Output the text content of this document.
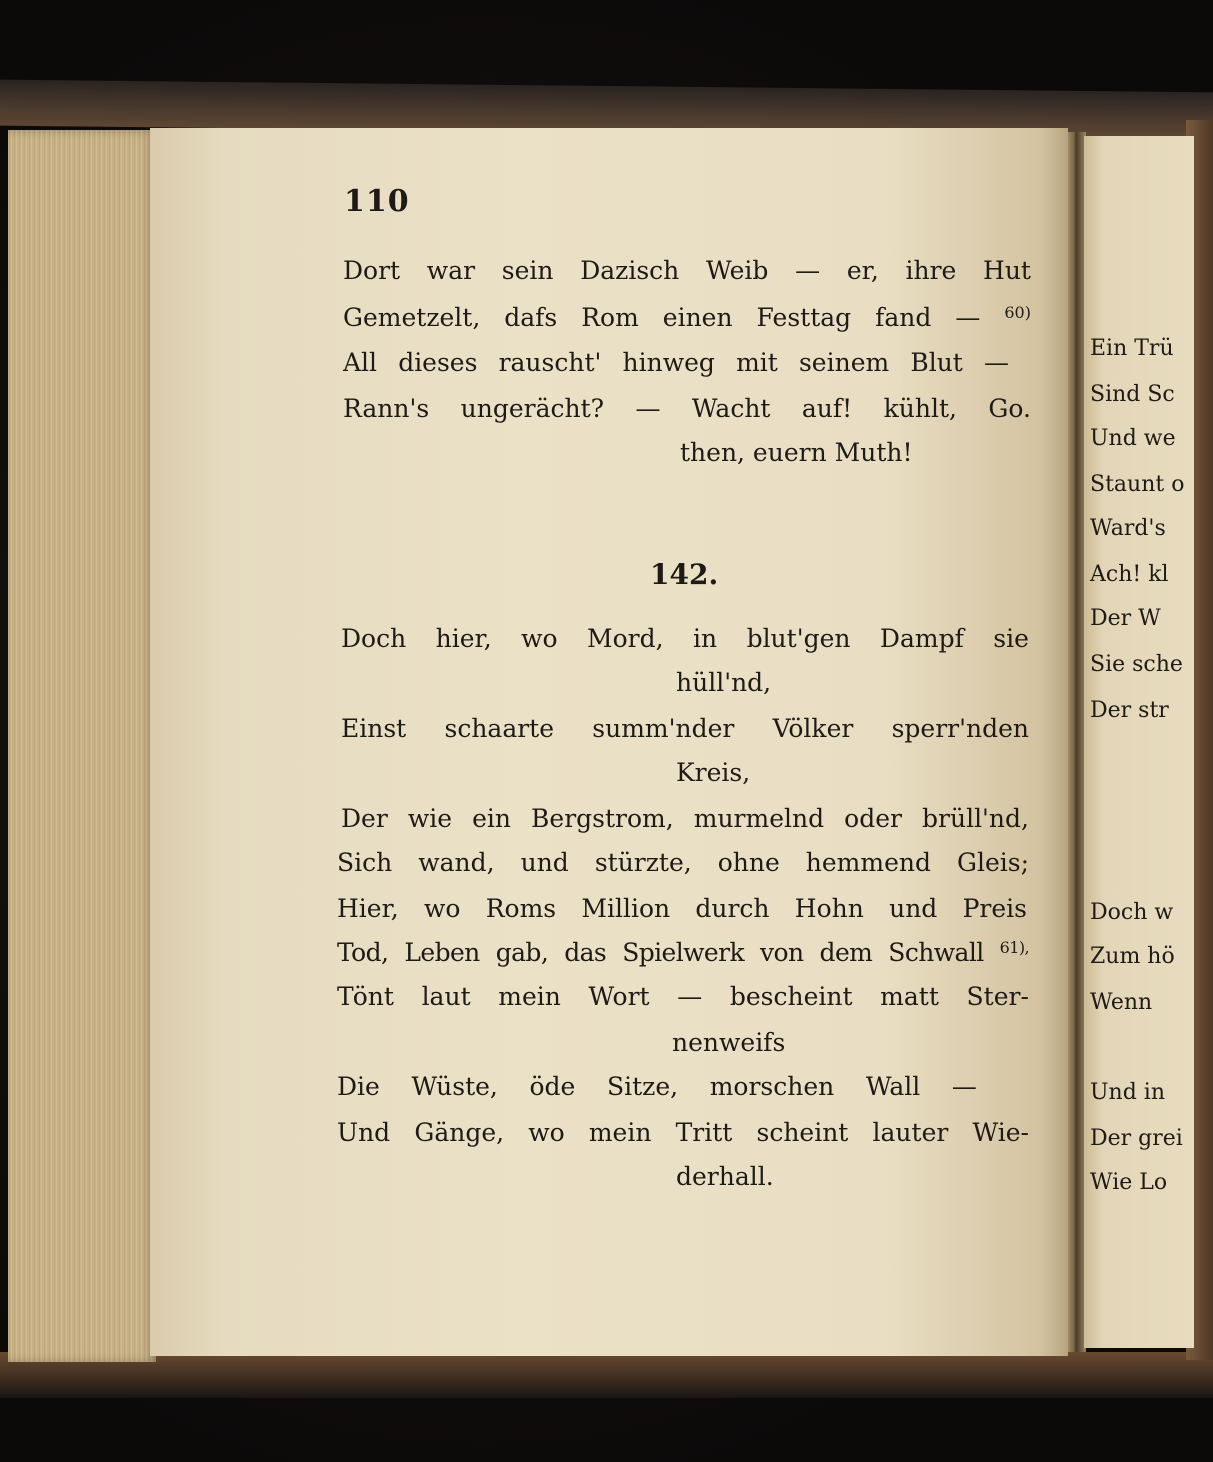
110

Dort war sein Dazisch Weib — er, ihre Hut
Gemetzelt, dafs Rom einen Festtag fand — 60)
All dieses rauscht' hinweg mit seinem Blut —
Rann's ungerächt? — Wacht auf! kühlt, Go.

then, euern Muth!

142.

Doch hier, wo Mord, in blut'gen Dampf sie

hüll'nd,

Einst schaarte summ'nder Völker sperr'nden

Kreis,

Der wie ein Bergstrom, murmelnd oder brüll'nd,
Sich wand, und stürzte, ohne hemmend Gleis;
Hier, wo Roms Million durch Hohn und Preis
Tod, Leben gab, das Spielwerk von dem Schwall 61),
Tönt laut mein Wort — bescheint matt Ster-

nenweifs

Die Wüste, öde Sitze, morschen Wall —
Und Gänge, wo mein Tritt scheint lauter Wie-

derhall.

Ein Trü
Sind Sc
Und we
Staunt o
Ward's
Ach! kl
Der W
Sie sche
Der str
Doch w
Zum hö
Wenn
Und in
Der grei
Wie Lo
